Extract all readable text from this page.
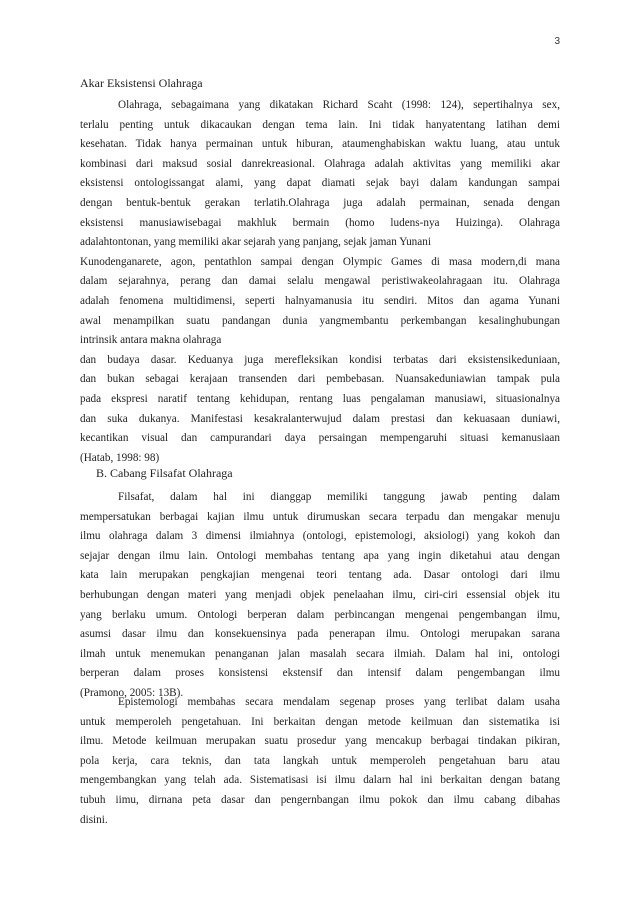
3
Akar Eksistensi Olahraga
Olahraga, sebagaimana yang dikatakan Richard Scaht (1998: 124), sepertihalnya sex,
terlalu penting untuk dikacaukan dengan tema lain. Ini tidak hanyatentang latihan demi
kesehatan. Tidak hanya permainan untuk hiburan, ataumenghabiskan waktu luang, atau untuk
kombinasi dari maksud sosial danrekreasional. Olahraga adalah aktivitas yang memiliki akar
eksistensi ontologissangat alami, yang dapat diamati sejak bayi dalam kandungan sampai
dengan bentuk-bentuk gerakan terlatih.Olahraga juga adalah permainan, senada dengan
eksistensi manusiawisebagai makhluk bermain (homo ludens-nya Huizinga). Olahraga
adalahtontonan, yang memiliki akar sejarah yang panjang, sejak jaman Yunani
Kunodenganarete, agon, pentathlon sampai dengan Olympic Games di masa modern,di mana
dalam sejarahnya, perang dan damai selalu mengawal peristiwakeolahragaan itu. Olahraga
adalah fenomena multidimensi, seperti halnyamanusia itu sendiri. Mitos dan agama Yunani
awal menampilkan suatu pandangan dunia yangmembantu perkembangan kesalinghubungan
intrinsik antara makna olahraga
dan budaya dasar. Keduanya juga merefleksikan kondisi terbatas dari eksistensikeduniaan,
dan bukan sebagai kerajaan transenden dari pembebasan. Nuansakeduniawian tampak pula
pada ekspresi naratif tentang kehidupan, rentang luas pengalaman manusiawi, situasionalnya
dan suka dukanya. Manifestasi kesakralanterwujud dalam prestasi dan kekuasaan duniawi,
kecantikan visual dan campurandari daya persaingan mempengaruhi situasi kemanusiaan
(Hatab, 1998: 98)
B. Cabang Filsafat Olahraga
Filsafat, dalam hal ini dianggap memiliki tanggung jawab penting dalam
mempersatukan berbagai kajian ilmu untuk dirumuskan secara terpadu dan mengakar menuju
ilmu olahraga dalam 3 dimensi ilmiahnya (ontologi, epistemologi, aksiologi) yang kokoh dan
sejajar dengan ilmu lain. Ontologi membahas tentang apa yang ingin diketahui atau dengan
kata lain merupakan pengkajian mengenai teori tentang ada. Dasar ontologi dari ilmu
berhubungan dengan materi yang menjadi objek penelaahan ilmu, ciri-ciri essensial objek itu
yang berlaku umum. Ontologi berperan dalam perbincangan mengenai pengembangan ilmu,
asumsi dasar ilmu dan konsekuensinya pada penerapan ilmu. Ontologi merupakan sarana
ilmah untuk menemukan penanganan jalan masalah secara ilmiah. Dalam hal ini, ontologi
berperan dalam proses konsistensi ekstensif dan intensif dalam pengembangan ilmu
(Pramono, 2005: 13B).
Epistemologi membahas secara mendalam segenap proses yang terlibat dalam usaha
untuk memperoleh pengetahuan. Ini berkaitan dengan metode keilmuan dan sistematika isi
ilmu. Metode keilmuan merupakan suatu prosedur yang mencakup berbagai tindakan pikiran,
pola kerja, cara teknis, dan tata langkah untuk memperoleh pengetahuan baru atau
mengembangkan yang telah ada. Sistematisasi isi ilmu dalarn hal ini berkaitan dengan batang
tubuh iimu, dirnana peta dasar dan pengernbangan ilmu pokok dan ilmu cabang dibahas
disini.
